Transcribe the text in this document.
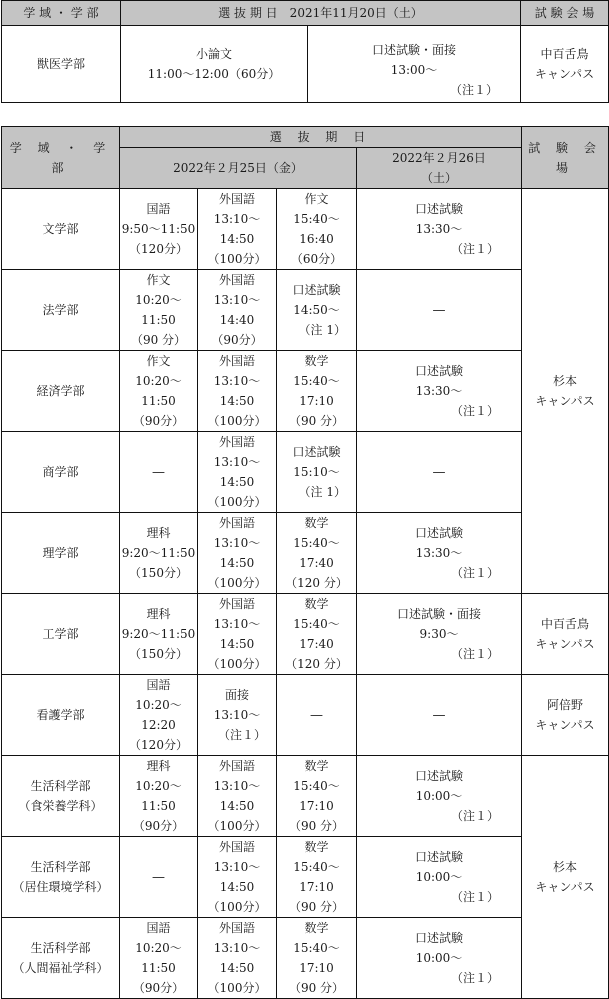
学 域 ・ 学 部	選 抜 期 日　2021年11月20日（土）		試 験 会 場
獣医学部	小論文
11:00〜12:00（60分）	口述試験・面接
13:00〜
（注１）	中百舌鳥
キャンパス
学 域 ・ 学 部	選 抜 期 日				試 験 会 場
	2022年２月25日（金）			2022年２月26日
（土）	

文学部	国語
9:50〜11:50
（120分）	外国語
13:10〜14:50
（100分）	作文
15:40〜16:40
（60分）	口述試験
13:30〜
（注１）	杉本
キャンパス

法学部	作文
10:20〜11:50
（90 分）	外国語
13:10〜14:40
（90分）	口述試験
14:50〜
（注 1）	—	

経済学部	作文
10:20〜11:50
（90分）	外国語
13:10〜14:50
（100分）	数学
15:40〜17:10
（90 分）	口述試験
13:30〜
（注１）	

商学部	—	外国語
13:10〜14:50
（100分）	口述試験
15:10〜
（注 1）	—	

理学部	理科
9:20〜11:50
（150分）	外国語
13:10〜14:50
（100分）	数学
15:40〜17:40
（120 分）	口述試験
13:30〜
（注１）	

工学部	理科
9:20〜11:50
（150分）	外国語
13:10〜14:50
（100分）	数学
15:40〜17:40
（120 分）	口述試験・面接
9:30〜
（注１）	中百舌鳥
キャンパス

看護学部	国語
10:20〜12:20
（120分）	面接
13:10〜
（注１）	—	—	阿倍野
キャンパス

生活科学部
（食栄養学科）	理科
10:20〜11:50
（90分）	外国語
13:10〜14:50
（100分）	数学
15:40〜17:10
（90 分）	口述試験
10:00〜
（注１）	杉本
キャンパス

生活科学部
（居住環境学科）	—	外国語
13:10〜14:50
（100分）	数学
15:40〜17:10
（90 分）	口述試験
10:00〜
（注１）	

生活科学部
（人間福祉学科）	国語
10:20〜11:50
（90分）	外国語
13:10〜14:50
（100分）	数学
15:40〜17:10
（90 分）	口述試験
10:00〜
（注１）	
